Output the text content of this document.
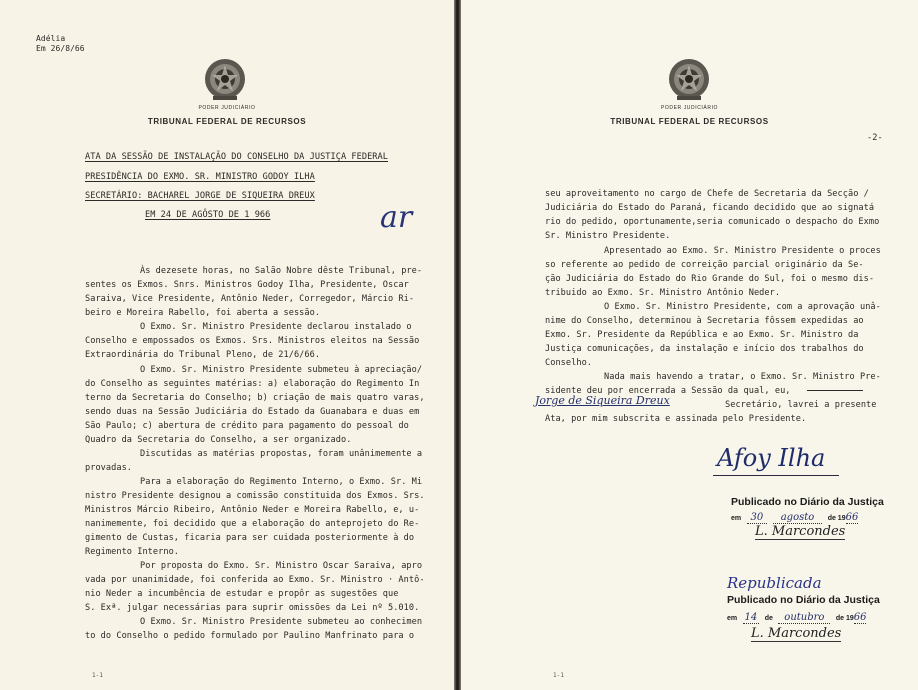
Adélia
Em 26/8/66
PODER JUDICIÁRIO
TRIBUNAL FEDERAL DE RECURSOS
ATA DA SESSÃO DE INSTALAÇÃO DO CONSELHO DA JUSTIÇA FEDERAL
PRESIDÊNCIA DO EXMO. SR. MINISTRO GODOY ILHA
SECRETÁRIO: BACHAREL JORGE DE SIQUEIRA DREUX
EM 24 DE AGÔSTO DE 1 966	ar
Às dezesete horas, no Salão Nobre dêste Tribunal, pre-
sentes os Exmos. Snrs. Ministros Godoy Ilha, Presidente, Oscar
Saraiva, Vice Presidente, Antônio Neder, Corregedor, Márcio Ri-
beiro e Moreira Rabello, foi aberta a sessão.
O Exmo. Sr. Ministro Presidente declarou instalado o
Conselho e empossados os Exmos. Srs. Ministros eleitos na Sessão
Extraordinária do Tribunal Pleno, de 21/6/66.
O Exmo. Sr. Ministro Presidente submeteu à apreciação/
do Conselho as seguintes matérias: a) elaboração do Regimento In
terno da Secretaria do Conselho; b) criação de mais quatro varas,
sendo duas na Sessão Judiciária do Estado da Guanabara e duas em
São Paulo; c) abertura de crédito para pagamento do pessoal do
Quadro da Secretaria do Conselho, a ser organizado.
Discutidas as matérias propostas, foram unânimemente a
provadas.
Para a elaboração do Regimento Interno, o Exmo. Sr. Mi
nistro Presidente designou a comissão constituida dos Exmos. Srs.
Ministros Márcio Ribeiro, Antônio Neder e Moreira Rabello, e, u-
nanimemente, foi decidido que a elaboração do anteprojeto do Re-
gimento de Custas, ficaria para ser cuidada posteriormente à do
Regimento Interno.
Por proposta do Exmo. Sr. Ministro Oscar Saraiva, apro
vada por unanimidade, foi conferida ao Exmo. Sr. Ministro · Antô-
nio Neder a incumbência de estudar e propôr as sugestões que
S. Exª. julgar necessárias para suprir omissões da Lei nº 5.010.
O Exmo. Sr. Ministro Presidente submeteu ao conhecimen
to do Conselho o pedido formulado por Paulino Manfrinato para o
1-1
PODER JUDICIÁRIO
TRIBUNAL FEDERAL DE RECURSOS
-2-
seu aproveitamento no cargo de Chefe de Secretaria da Secção /
Judiciária do Estado do Paraná, ficando decidido que ao signatá
rio do pedido, oportunamente,seria comunicado o despacho do Exmo
Sr. Ministro Presidente.
Apresentado ao Exmo. Sr. Ministro Presidente o proces
so referente ao pedido de correição parcial originário da Se-
ção Judiciária do Estado do Rio Grande do Sul, foi o mesmo dis-
tribuido ao Exmo. Sr. Ministro Antônio Neder.
O Exmo. Sr. Ministro Presidente, com a aprovação unâ-
nime do Conselho, determinou à Secretaria fôssem expedidas ao
Exmo. Sr. Presidente da República e ao Exmo. Sr. Ministro da
Justiça comunicações, da instalação e início dos trabalhos do
Conselho.
Nada mais havendo a tratar, o Exmo. Sr. Ministro Pre-
sidente deu por encerrada a Sessão da qual, eu,
Jorge de Siqueira Dreux	Secretário, lavrei a presente
Ata, por mim subscrita e assinada pelo Presidente.
Afoy Ilha
Publicado no Diário da Justiça
em 30 agosto de 1966
L. Marcondes
Republicada
Publicado no Diário da Justiça
em 14 de outubro de 1966
L. Marcondes
1-1
